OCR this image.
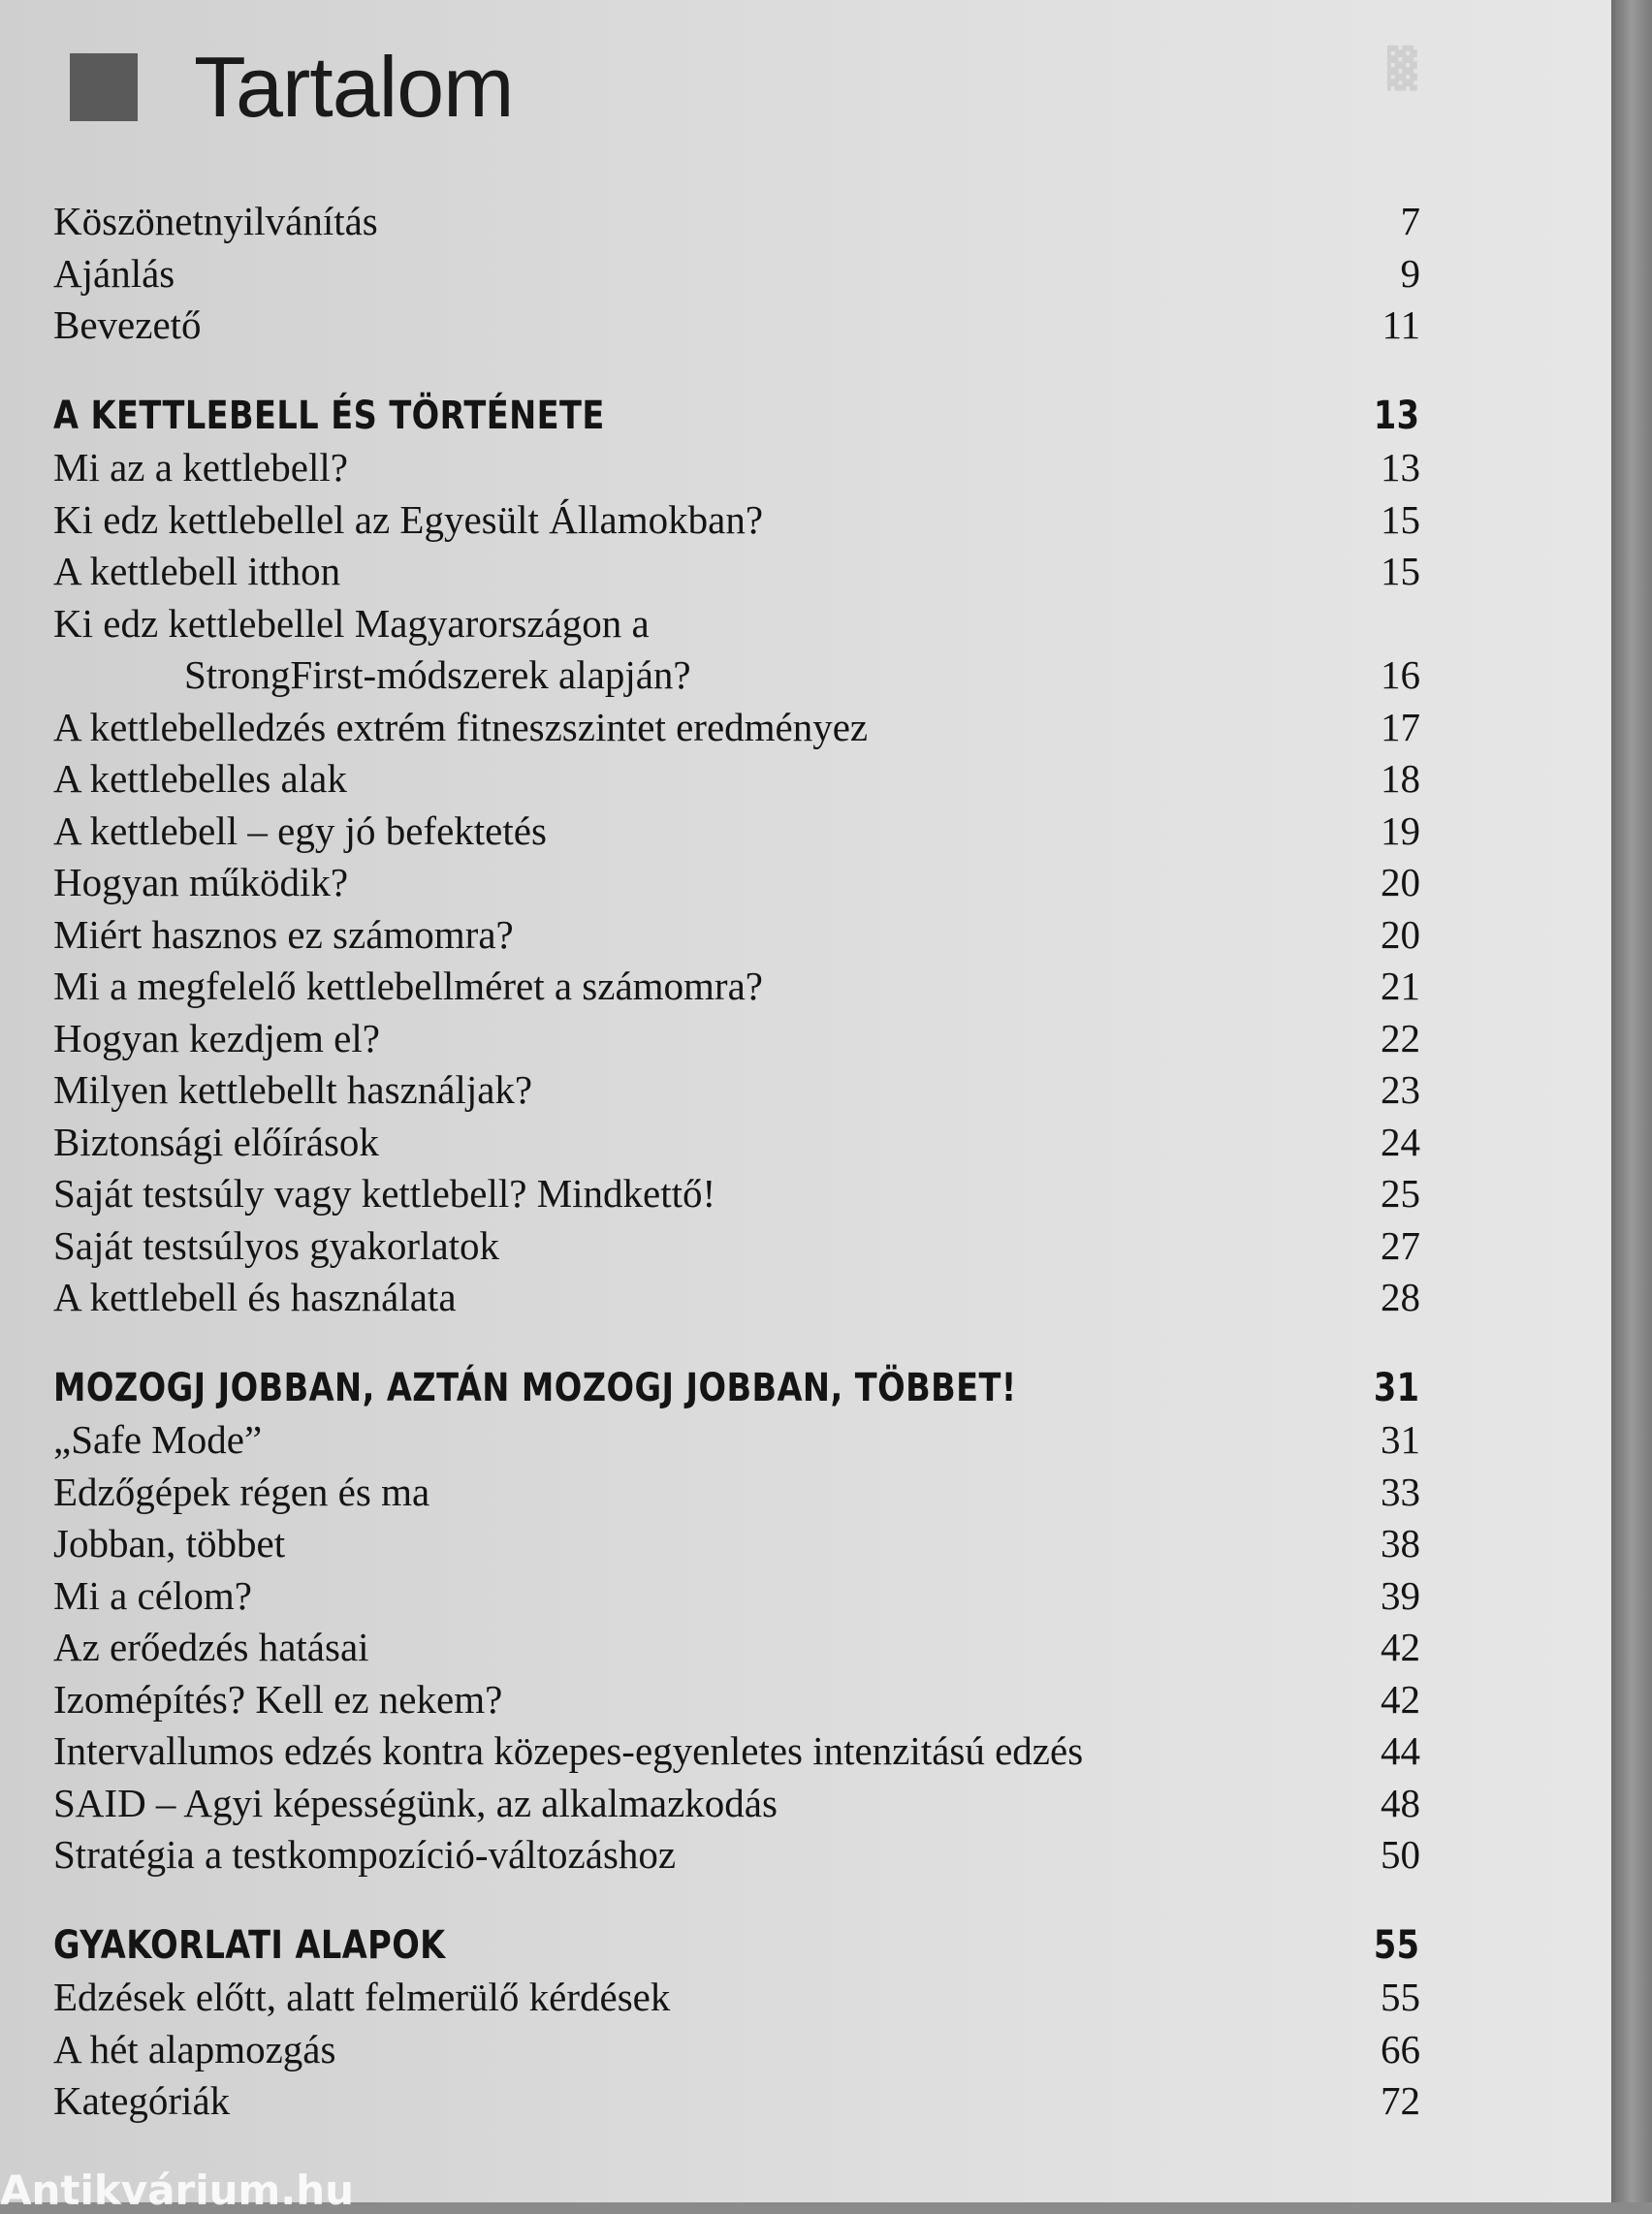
▓
Tartalom
Köszönetnyilvánítás	7
Ajánlás	9
Bevezető	11
A KETTLEBELL ÉS TÖRTÉNETE	13
Mi az a kettlebell?	13
Ki edz kettlebellel az Egyesült Államokban?	15
A kettlebell itthon	15
Ki edz kettlebellel Magyarországon a
StrongFirst-módszerek alapján?	16
A kettlebelledzés extrém fitneszszintet eredményez	17
A kettlebelles alak	18
A kettlebell – egy jó befektetés	19
Hogyan működik?	20
Miért hasznos ez számomra?	20
Mi a megfelelő kettlebellméret a számomra?	21
Hogyan kezdjem el?	22
Milyen kettlebellt használjak?	23
Biztonsági előírások	24
Saját testsúly vagy kettlebell? Mindkettő!	25
Saját testsúlyos gyakorlatok	27
A kettlebell és használata	28
MOZOGJ JOBBAN, AZTÁN MOZOGJ JOBBAN, TÖBBET!	31
„Safe Mode”	31
Edzőgépek régen és ma	33
Jobban, többet	38
Mi a célom?	39
Az erőedzés hatásai	42
Izomépítés? Kell ez nekem?	42
Intervallumos edzés kontra közepes-egyenletes intenzitású edzés	44
SAID – Agyi képességünk, az alkalmazkodás	48
Stratégia a testkompozíció-változáshoz	50
GYAKORLATI ALAPOK	55
Edzések előtt, alatt felmerülő kérdések	55
A hét alapmozgás	66
Kategóriák	72
Antikvárium.hu
